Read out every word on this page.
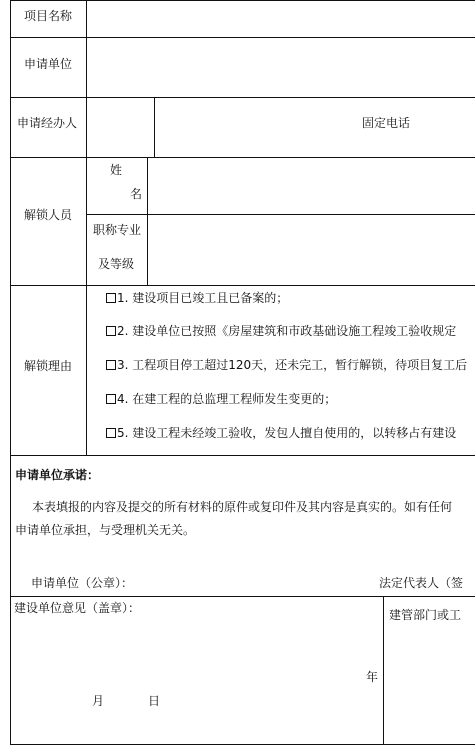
项目名称
申请单位
申请经办人	固定电话
解锁人员
姓
名
职称专业
及等级
解锁理由
1. 建设项目已竣工且已备案的；
2. 建设单位已按照《房屋建筑和市政基础设施工程竣工验收规定
3. 工程项目停工超过120天，还未完工，暂行解锁，待项目复工后
4. 在建工程的总监理工程师发生变更的；
5. 建设工程未经竣工验收，发包人擅自使用的，以转移占有建设
申请单位承诺：
本表填报的内容及提交的所有材料的原件或复印件及其内容是真实的。如有任何
申请单位承担，与受理机关无关。
申请单位（公章）：	法定代表人（签
建设单位意见（盖章）：	建管部门或工
年
月	日
